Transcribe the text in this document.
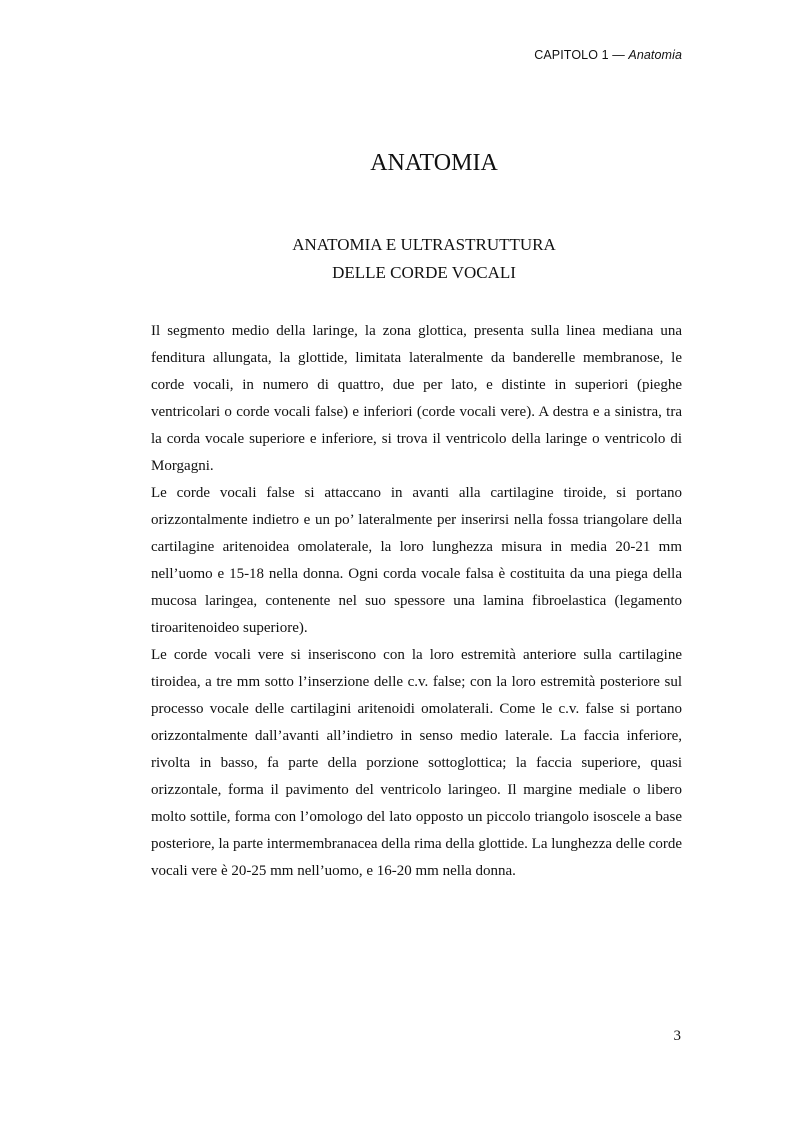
CAPITOLO 1 — Anatomia
ANATOMIA
ANATOMIA E ULTRASTRUTTURA
DELLE CORDE VOCALI

Il segmento medio della laringe, la zona glottica, presenta sulla linea mediana una fenditura allungata, la glottide, limitata lateralmente da banderelle membranose, le corde vocali, in numero di quattro, due per lato, e distinte in superiori (pieghe ventricolari o corde vocali false) e inferiori (corde vocali vere). A destra e a sinistra, tra la corda vocale superiore e inferiore, si trova il ventricolo della laringe o ventricolo di Morgagni.

Le corde vocali false si attaccano in avanti alla cartilagine tiroide, si portano orizzontalmente indietro e un po’ lateralmente per inserirsi nella fossa triangolare della cartilagine aritenoidea omolaterale, la loro lunghezza misura in media 20-21 mm nell’uomo e 15-18 nella donna. Ogni corda vocale falsa è costituita da una piega della mucosa laringea, contenente nel suo spessore una lamina fibroelastica (legamento tiroaritenoideo superiore).

Le corde vocali vere si inseriscono con la loro estremità anteriore sulla cartilagine tiroidea, a tre mm sotto l’inserzione delle c.v. false; con la loro estremità posteriore sul processo vocale delle cartilagini aritenoidi omolaterali. Come le c.v. false si portano orizzontalmente dall’avanti all’indietro in senso medio laterale. La faccia inferiore, rivolta in basso, fa parte della porzione sottoglottica; la faccia superiore, quasi orizzontale, forma il pavimento del ventricolo laringeo. Il margine mediale o libero molto sottile, forma con l’omologo del lato opposto un piccolo triangolo isoscele a base posteriore, la parte intermembranacea della rima della glottide. La lunghezza delle corde vocali vere è 20-25 mm nell’uomo, e 16-20 mm nella donna.

3
